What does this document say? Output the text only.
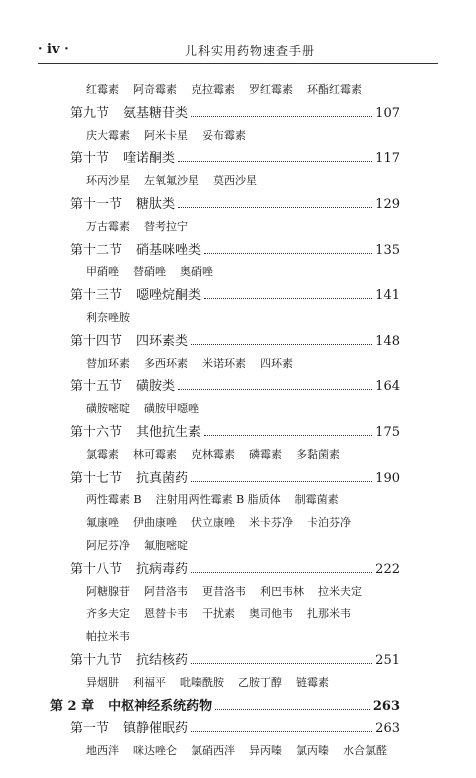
· iv ·	儿科实用药物速查手册
红霉素 阿奇霉素 克拉霉素 罗红霉素 环酯红霉素
第九节 氨基糖苷类	107
庆大霉素 阿米卡星 妥布霉素
第十节 喹诺酮类	117
环丙沙星 左氧氟沙星 莫西沙星
第十一节 糖肽类	129
万古霉素 替考拉宁
第十二节 硝基咪唑类	135
甲硝唑 替硝唑 奥硝唑
第十三节 噁唑烷酮类	141
利奈唑胺
第十四节 四环素类	148
替加环素 多西环素 米诺环素 四环素
第十五节 磺胺类	164
磺胺嘧啶 磺胺甲噁唑
第十六节 其他抗生素	175
氯霉素 林可霉素 克林霉素 磷霉素 多黏菌素
第十七节 抗真菌药	190
两性霉素 B 注射用两性霉素 B 脂质体 制霉菌素
氟康唑 伊曲康唑 伏立康唑 米卡芬净 卡泊芬净
阿尼芬净 氟胞嘧啶
第十八节 抗病毒药	222
阿糖腺苷 阿昔洛韦 更昔洛韦 利巴韦林 拉米夫定
齐多夫定 恩替卡韦 干扰素 奥司他韦 扎那米韦
帕拉米韦
第十九节 抗结核药	251
异烟肼 利福平 吡嗪酰胺 乙胺丁醇 链霉素
第 2 章 中枢神经系统药物	263
第一节 镇静催眠药	263
地西泮 咪达唑仑 氯硝西泮 异丙嗪 氯丙嗪 水合氯醛
